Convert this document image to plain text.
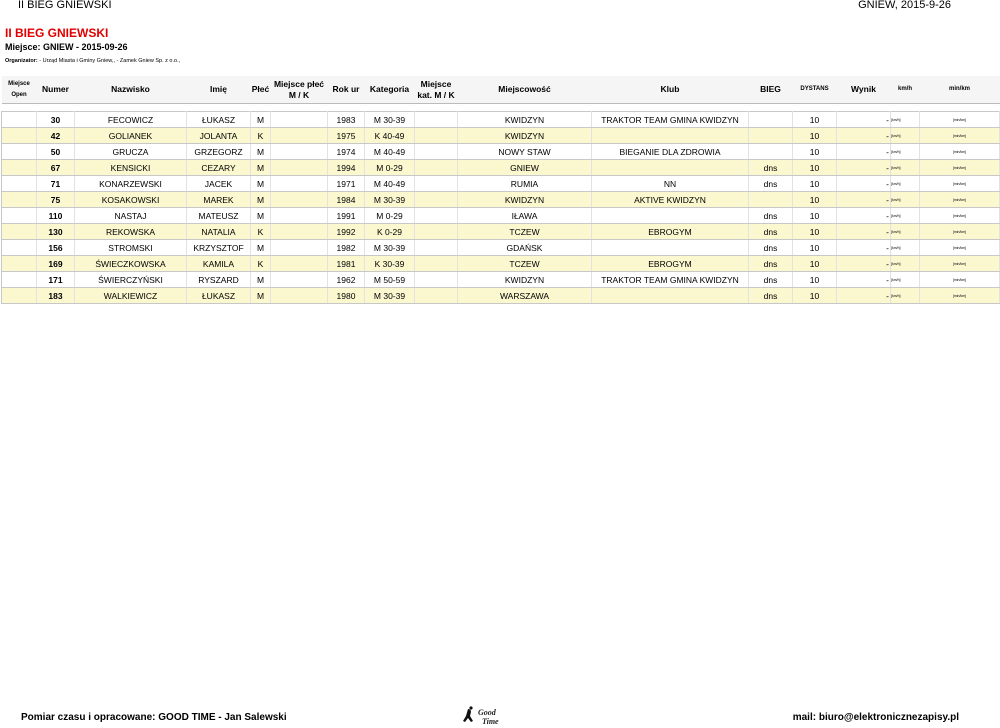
II BIEG GNIEWSKI	GNIEW, 2015-9-26
II BIEG GNIEWSKI
Miejsce: GNIEW - 2015-09-26
Organizator: - Urząd Miasta i Gminy Gniew,, - Zamek Gniew Sp. z o.o.,
Miejsce Open	Numer	Nazwisko	Imię	Płeć	Miejsce płeć M / K	Rok ur	Kategoria	Miejsce kat. M / K	Miejscowość	Klub	BIEG	DYSTANS	Wynik	km/h	min/km

	30	FECOWICZ	ŁUKASZ	M		1983	M 30-39		KWIDZYN	TRAKTOR TEAM GMINA KWIDZYN		10	-	[km/h]	[min/km]
	42	GOLIANEK	JOLANTA	K		1975	K 40-49		KWIDZYN			10	-	[km/h]	[min/km]
	50	GRUCZA	GRZEGORZ	M		1974	M 40-49		NOWY STAW	BIEGANIE DLA ZDROWIA		10	-	[km/h]	[min/km]
	67	KENSICKI	CEZARY	M		1994	M 0-29		GNIEW		dns	10	-	[km/h]	[min/km]
	71	KONARZEWSKI	JACEK	M		1971	M 40-49		RUMIA	NN	dns	10	-	[km/h]	[min/km]
	75	KOSAKOWSKI	MAREK	M		1984	M 30-39		KWIDZYN	AKTIVE KWIDZYN		10	-	[km/h]	[min/km]
	110	NASTAJ	MATEUSZ	M		1991	M 0-29		IŁAWA		dns	10	-	[km/h]	[min/km]
	130	REKOWSKA	NATALIA	K		1992	K 0-29		TCZEW	EBROGYM	dns	10	-	[km/h]	[min/km]
	156	STROMSKI	KRZYSZTOF	M		1982	M 30-39		GDAŃSK		dns	10	-	[km/h]	[min/km]
	169	ŚWIECZKOWSKA	KAMILA	K		1981	K 30-39		TCZEW	EBROGYM	dns	10	-	[km/h]	[min/km]
	171	ŚWIERCZYŃSKI	RYSZARD	M		1962	M 50-59		KWIDZYN	TRAKTOR TEAM GMINA KWIDZYN	dns	10	-	[km/h]	[min/km]
	183	WALKIEWICZ	ŁUKASZ	M		1980	M 30-39		WARSZAWA		dns	10	-	[km/h]	[min/km]
Pomiar czasu i opracowane: GOOD TIME - Jan Salewski	Good
Time	mail: biuro@elektronicznezapisy.pl
